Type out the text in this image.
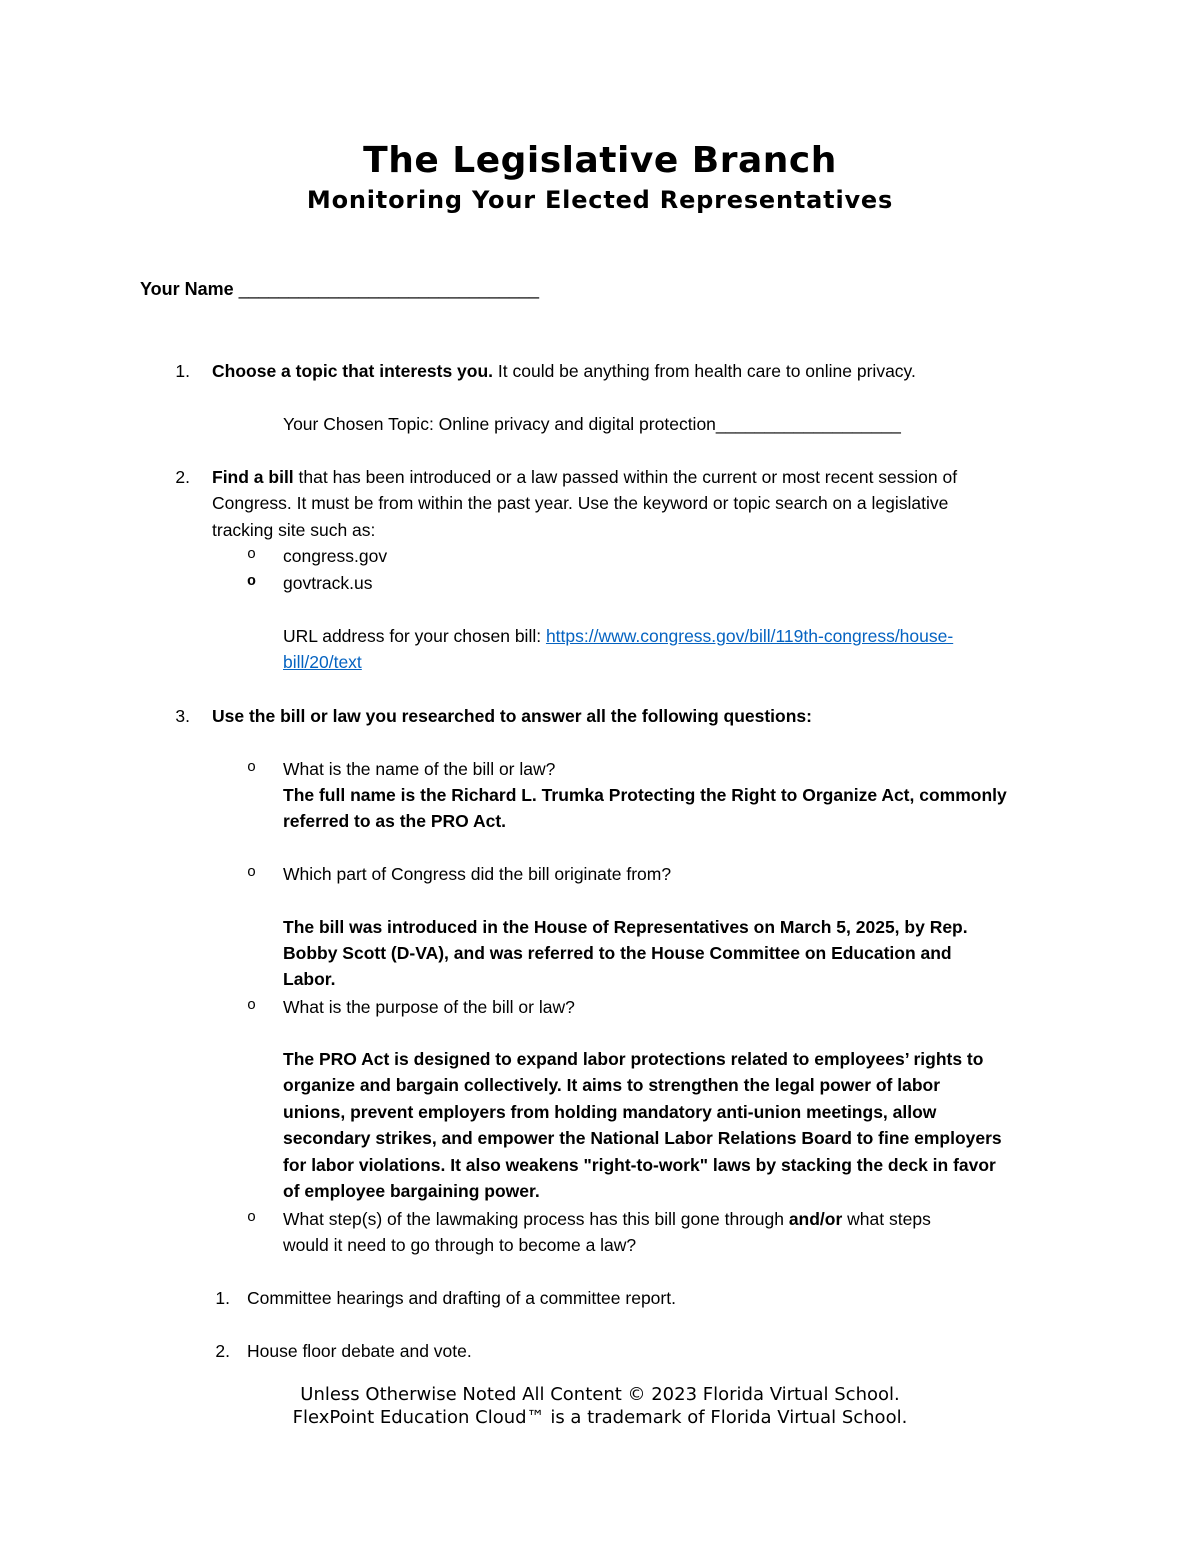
The Legislative Branch
Monitoring Your Elected Representatives
Your Name ______________________________
1. Choose a topic that interests you. It could be anything from health care to online privacy.
Your Chosen Topic: Online privacy and digital protection___________________
2. Find a bill that has been introduced or a law passed within the current or most recent session of
Congress. It must be from within the past year. Use the keyword or topic search on a legislative
tracking site such as:
o congress.gov
o govtrack.us
URL address for your chosen bill: https://www.congress.gov/bill/119th-congress/house-
bill/20/text
3. Use the bill or law you researched to answer all the following questions:
o What is the name of the bill or law?
The full name is the Richard L. Trumka Protecting the Right to Organize Act, commonly
referred to as the PRO Act.
o Which part of Congress did the bill originate from?
The bill was introduced in the House of Representatives on March 5, 2025, by Rep.
Bobby Scott (D-VA), and was referred to the House Committee on Education and
Labor.
o What is the purpose of the bill or law?
The PRO Act is designed to expand labor protections related to employees’ rights to
organize and bargain collectively. It aims to strengthen the legal power of labor
unions, prevent employers from holding mandatory anti-union meetings, allow
secondary strikes, and empower the National Labor Relations Board to fine employers
for labor violations. It also weakens "right-to-work" laws by stacking the deck in favor
of employee bargaining power.
o What step(s) of the lawmaking process has this bill gone through and/or what steps
would it need to go through to become a law?
1. Committee hearings and drafting of a committee report.
2. House floor debate and vote.
Unless Otherwise Noted All Content © 2023 Florida Virtual School.
FlexPoint Education Cloud™ is a trademark of Florida Virtual School.
